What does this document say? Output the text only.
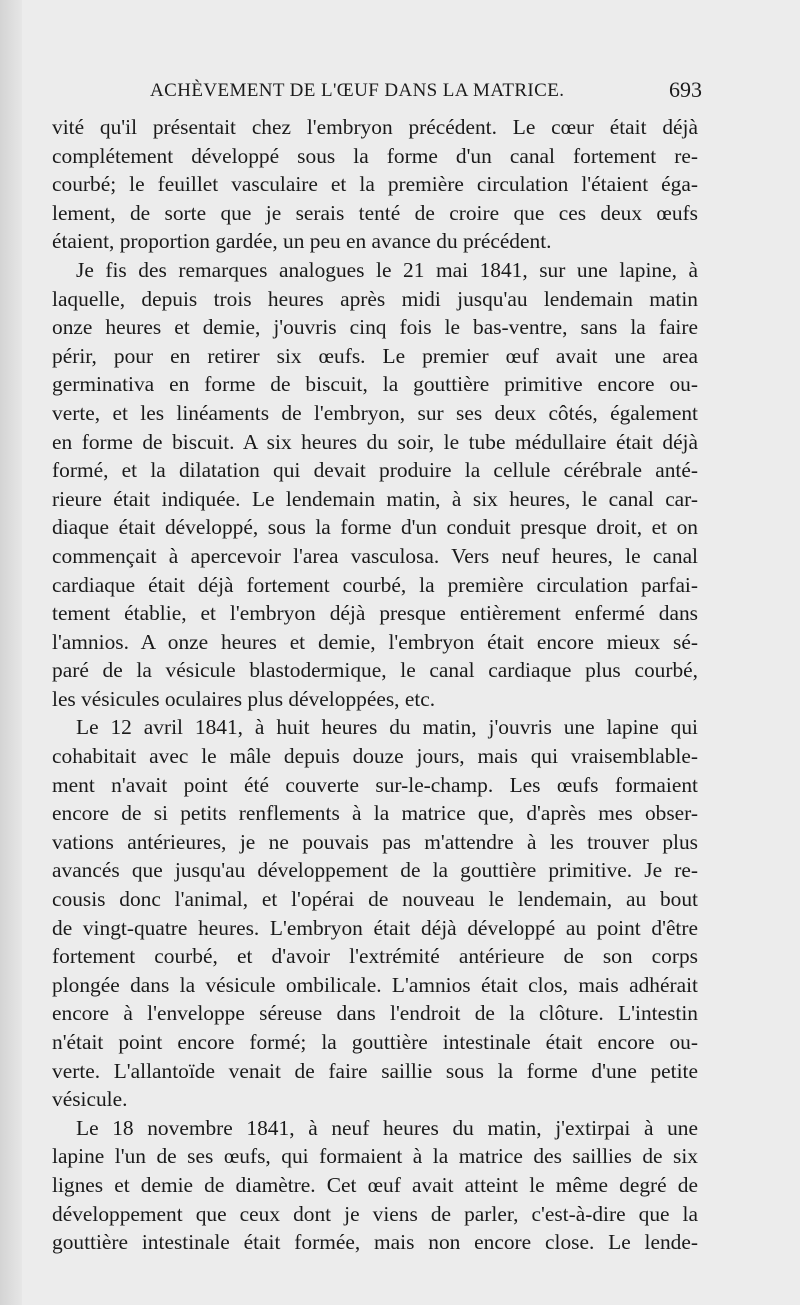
ACHÈVEMENT DE L'ŒUF DANS LA MATRICE.	693
vité qu'il présentait chez l'embryon précédent. Le cœur était déjà
complétement développé sous la forme d'un canal fortement re-
courbé; le feuillet vasculaire et la première circulation l'étaient éga-
lement, de sorte que je serais tenté de croire que ces deux œufs
étaient, proportion gardée, un peu en avance du précédent.
Je fis des remarques analogues le 21 mai 1841, sur une lapine, à
laquelle, depuis trois heures après midi jusqu'au lendemain matin
onze heures et demie, j'ouvris cinq fois le bas-ventre, sans la faire
périr, pour en retirer six œufs. Le premier œuf avait une area
germinativa en forme de biscuit, la gouttière primitive encore ou-
verte, et les linéaments de l'embryon, sur ses deux côtés, également
en forme de biscuit. A six heures du soir, le tube médullaire était déjà
formé, et la dilatation qui devait produire la cellule cérébrale anté-
rieure était indiquée. Le lendemain matin, à six heures, le canal car-
diaque était développé, sous la forme d'un conduit presque droit, et on
commençait à apercevoir l'area vasculosa. Vers neuf heures, le canal
cardiaque était déjà fortement courbé, la première circulation parfai-
tement établie, et l'embryon déjà presque entièrement enfermé dans
l'amnios. A onze heures et demie, l'embryon était encore mieux sé-
paré de la vésicule blastodermique, le canal cardiaque plus courbé,
les vésicules oculaires plus développées, etc.
Le 12 avril 1841, à huit heures du matin, j'ouvris une lapine qui
cohabitait avec le mâle depuis douze jours, mais qui vraisemblable-
ment n'avait point été couverte sur-le-champ. Les œufs formaient
encore de si petits renflements à la matrice que, d'après mes obser-
vations antérieures, je ne pouvais pas m'attendre à les trouver plus
avancés que jusqu'au développement de la gouttière primitive. Je re-
cousis donc l'animal, et l'opérai de nouveau le lendemain, au bout
de vingt-quatre heures. L'embryon était déjà développé au point d'être
fortement courbé, et d'avoir l'extrémité antérieure de son corps
plongée dans la vésicule ombilicale. L'amnios était clos, mais adhérait
encore à l'enveloppe séreuse dans l'endroit de la clôture. L'intestin
n'était point encore formé; la gouttière intestinale était encore ou-
verte. L'allantoïde venait de faire saillie sous la forme d'une petite
vésicule.
Le 18 novembre 1841, à neuf heures du matin, j'extirpai à une
lapine l'un de ses œufs, qui formaient à la matrice des saillies de six
lignes et demie de diamètre. Cet œuf avait atteint le même degré de
développement que ceux dont je viens de parler, c'est-à-dire que la
gouttière intestinale était formée, mais non encore close. Le lende-
